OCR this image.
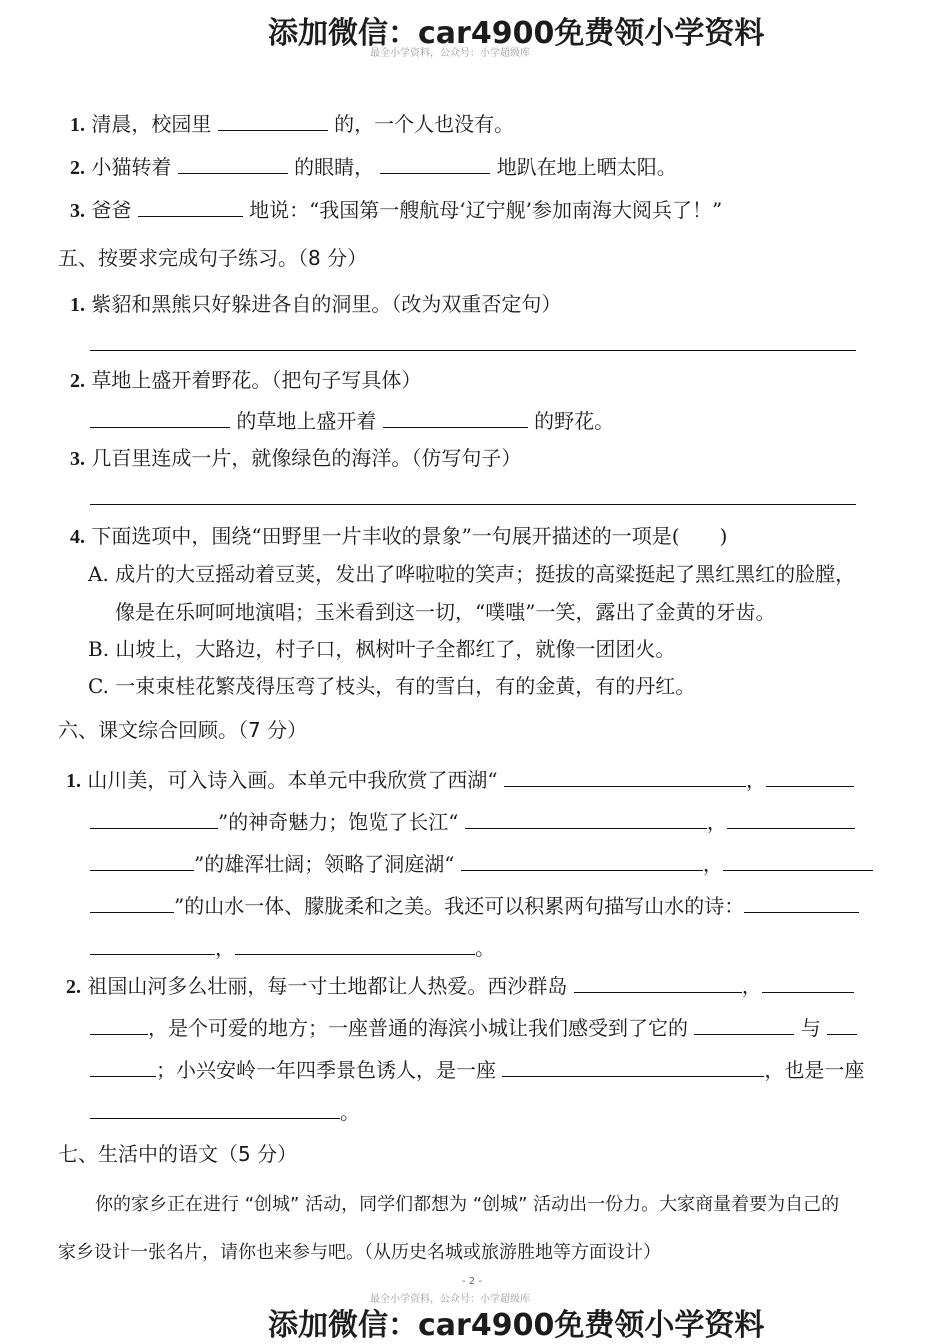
添加微信：car4900免费领小学资料
最全小学资料，公众号：小学超级库
1. 清晨，校园里	的，一个人也没有。
2. 小猫转着	的眼睛，	地趴在地上晒太阳。
3. 爸爸	地说：“我国第一艘航母‘辽宁舰’参加南海大阅兵了！”
五、按要求完成句子练习。（8 分）
1. 紫貂和黑熊只好躲进各自的洞里。（改为双重否定句）
2. 草地上盛开着野花。（把句子写具体）
的草地上盛开着	的野花。
3. 几百里连成一片，就像绿色的海洋。（仿写句子）
4. 下面选项中，围绕“田野里一片丰收的景象”一句展开描述的一项是(　　)
A. 成片的大豆摇动着豆荚，发出了哗啦啦的笑声；挺拔的高粱挺起了黑红黑红的脸膛，
像是在乐呵呵地演唱；玉米看到这一切，“噗嗤”一笑，露出了金黄的牙齿。
B. 山坡上，大路边，村子口，枫树叶子全都红了，就像一团团火。
C. 一束束桂花繁茂得压弯了枝头，有的雪白，有的金黄，有的丹红。
六、课文综合回顾。（7 分）
1. 山川美，可入诗入画。本单元中我欣赏了西湖“	，
”的神奇魅力；饱览了长江“	，
”的雄浑壮阔；领略了洞庭湖“	，
”的山水一体、朦胧柔和之美。我还可以积累两句描写山水的诗：
，	。
2. 祖国山河多么壮丽，每一寸土地都让人热爱。西沙群岛	，
，是个可爱的地方；一座普通的海滨小城让我们感受到了它的	与
；小兴安岭一年四季景色诱人，是一座	，也是一座
。
七、生活中的语文（5 分）
你的家乡正在进行 “创城” 活动，同学们都想为 “创城” 活动出一份力。大家商量着要为自己的
家乡设计一张名片，请你也来参与吧。（从历史名城或旅游胜地等方面设计）
- 2 -
最全小学资料，公众号：小学超级库
添加微信：car4900免费领小学资料
